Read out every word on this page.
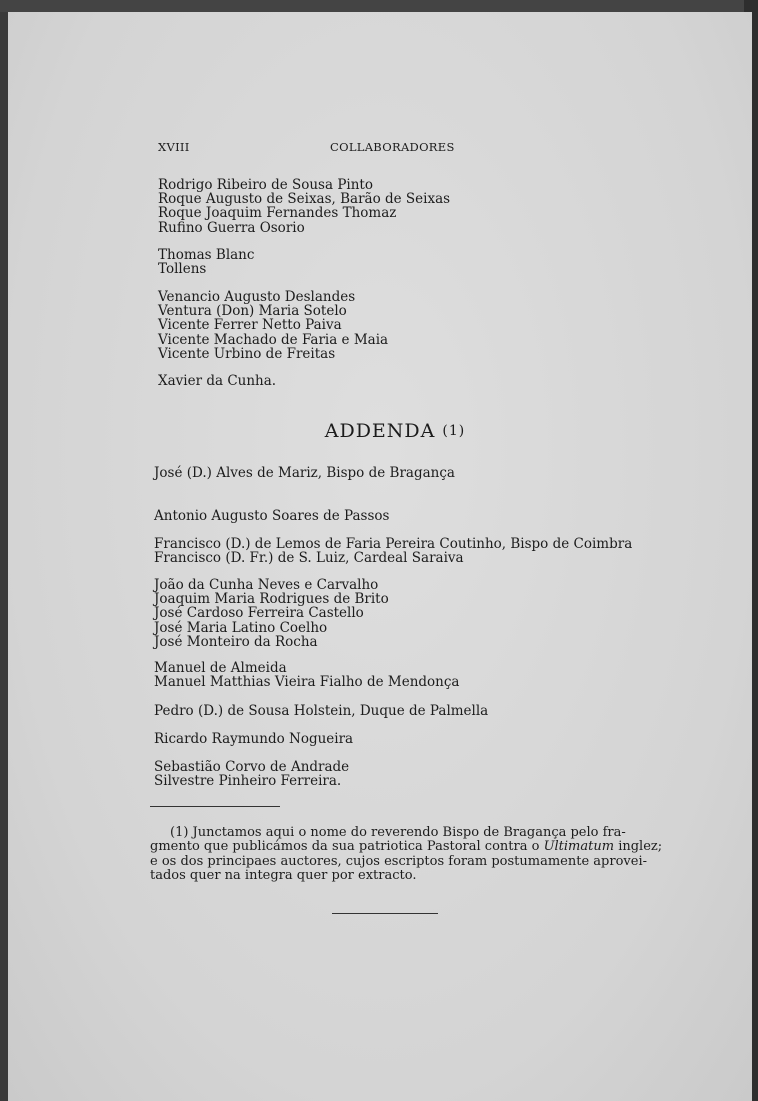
XVIII	COLLABORADORES
Rodrigo Ribeiro de Sousa Pinto
Roque Augusto de Seixas, Barão de Seixas
Roque Joaquim Fernandes Thomaz
Rufino Guerra Osorio
Thomas Blanc
Tollens
Venancio Augusto Deslandes
Ventura (Don) Maria Sotelo
Vicente Ferrer Netto Paiva
Vicente Machado de Faria e Maia
Vicente Urbino de Freitas
Xavier da Cunha.
ADDENDA (1)
José (D.) Alves de Mariz, Bispo de Bragança
Antonio Augusto Soares de Passos
Francisco (D.) de Lemos de Faria Pereira Coutinho, Bispo de Coimbra
Francisco (D. Fr.) de S. Luiz, Cardeal Saraiva
João da Cunha Neves e Carvalho
Joaquim Maria Rodrigues de Brito
José Cardoso Ferreira Castello
José Maria Latino Coelho
José Monteiro da Rocha
Manuel de Almeida
Manuel Matthias Vieira Fialho de Mendonça
Pedro (D.) de Sousa Holstein, Duque de Palmella
Ricardo Raymundo Nogueira
Sebastião Corvo de Andrade
Silvestre Pinheiro Ferreira.
(1) Junctamos aqui o nome do reverendo Bispo de Bragança pelo fra-
gmento que publicámos da sua patriotica Pastoral contra o Ultimatum inglez;
e os dos principaes auctores, cujos escriptos foram postumamente aprovei-
tados quer na integra quer por extracto.
